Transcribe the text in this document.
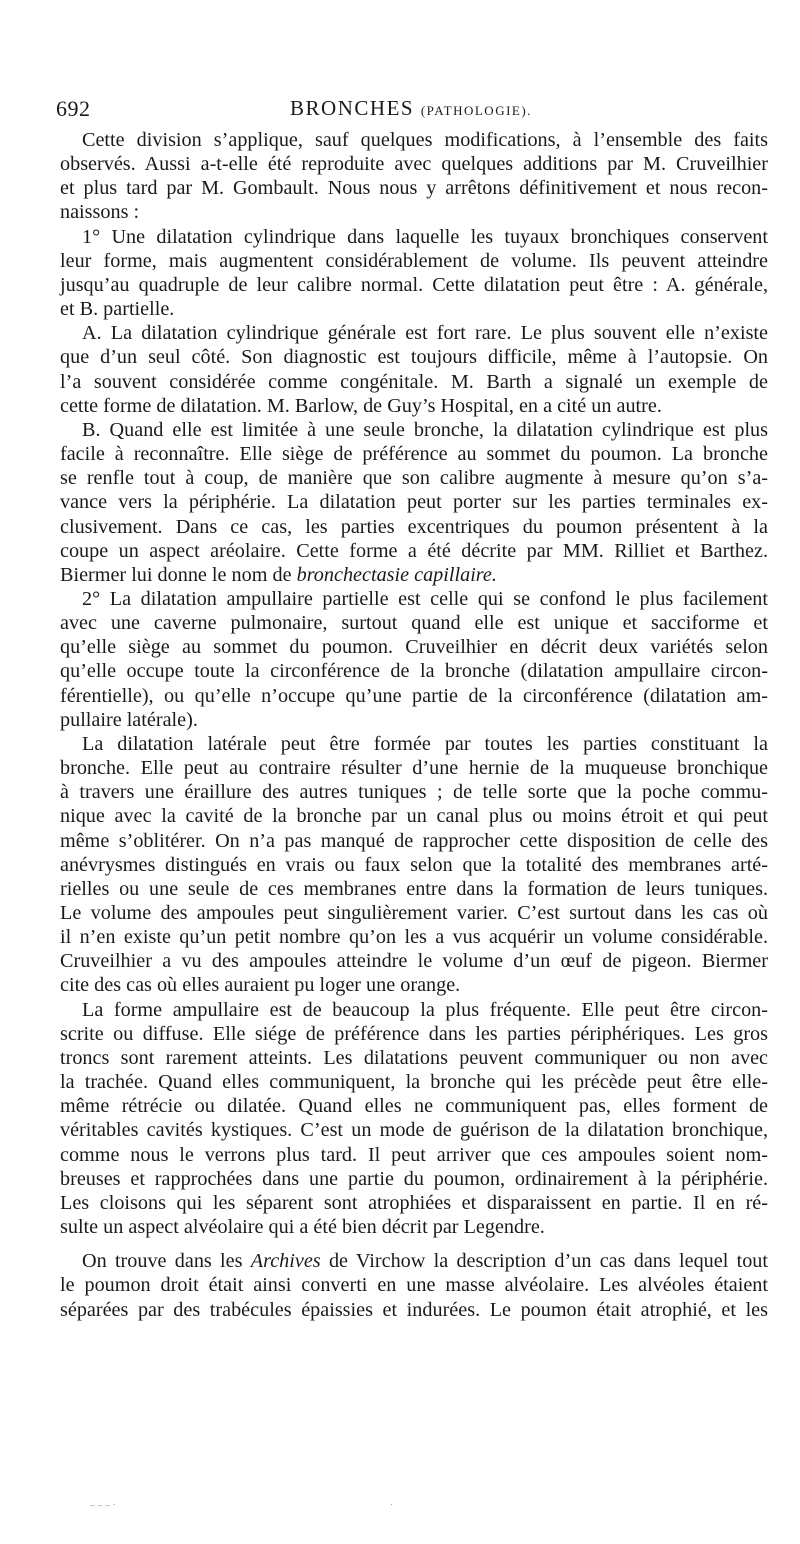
692	BRONCHES (PATHOLOGIE).

Cette division s’applique, sauf quelques modifications, à l’ensemble des faits
observés. Aussi a-t-elle été reproduite avec quelques additions par M. Cruveilhier
et plus tard par M. Gombault. Nous nous y arrêtons définitivement et nous recon-
naissons :

1° Une dilatation cylindrique dans laquelle les tuyaux bronchiques conservent
leur forme, mais augmentent considérablement de volume. Ils peuvent atteindre
jusqu’au quadruple de leur calibre normal. Cette dilatation peut être : A. générale,
et B. partielle.

A. La dilatation cylindrique générale est fort rare. Le plus souvent elle n’existe
que d’un seul côté. Son diagnostic est toujours difficile, même à l’autopsie. On
l’a souvent considérée comme congénitale. M. Barth a signalé un exemple de
cette forme de dilatation. M. Barlow, de Guy’s Hospital, en a cité un autre.

B. Quand elle est limitée à une seule bronche, la dilatation cylindrique est plus
facile à reconnaître. Elle siège de préférence au sommet du poumon. La bronche
se renfle tout à coup, de manière que son calibre augmente à mesure qu’on s’a-
vance vers la périphérie. La dilatation peut porter sur les parties terminales ex-
clusivement. Dans ce cas, les parties excentriques du poumon présentent à la
coupe un aspect aréolaire. Cette forme a été décrite par MM. Rilliet et Barthez.
Biermer lui donne le nom de bronchectasie capillaire.

2° La dilatation ampullaire partielle est celle qui se confond le plus facilement
avec une caverne pulmonaire, surtout quand elle est unique et sacciforme et
qu’elle siège au sommet du poumon. Cruveilhier en décrit deux variétés selon
qu’elle occupe toute la circonférence de la bronche (dilatation ampullaire circon-
férentielle), ou qu’elle n’occupe qu’une partie de la circonférence (dilatation am-
pullaire latérale).

La dilatation latérale peut être formée par toutes les parties constituant la
bronche. Elle peut au contraire résulter d’une hernie de la muqueuse bronchique
à travers une éraillure des autres tuniques ; de telle sorte que la poche commu-
nique avec la cavité de la bronche par un canal plus ou moins étroit et qui peut
même s’oblitérer. On n’a pas manqué de rapprocher cette disposition de celle des
anévrysmes distingués en vrais ou faux selon que la totalité des membranes arté-
rielles ou une seule de ces membranes entre dans la formation de leurs tuniques.
Le volume des ampoules peut singulièrement varier. C’est surtout dans les cas où
il n’en existe qu’un petit nombre qu’on les a vus acquérir un volume considérable.
Cruveilhier a vu des ampoules atteindre le volume d’un œuf de pigeon. Biermer
cite des cas où elles auraient pu loger une orange.

La forme ampullaire est de beaucoup la plus fréquente. Elle peut être circon-
scrite ou diffuse. Elle siége de préférence dans les parties périphériques. Les gros
troncs sont rarement atteints. Les dilatations peuvent communiquer ou non avec
la trachée. Quand elles communiquent, la bronche qui les précède peut être elle-
même rétrécie ou dilatée. Quand elles ne communiquent pas, elles forment de
véritables cavités kystiques. C’est un mode de guérison de la dilatation bronchique,
comme nous le verrons plus tard. Il peut arriver que ces ampoules soient nom-
breuses et rapprochées dans une partie du poumon, ordinairement à la périphérie.
Les cloisons qui les séparent sont atrophiées et disparaissent en partie. Il en ré-
sulte un aspect alvéolaire qui a été bien décrit par Legendre.

On trouve dans les Archives de Virchow la description d’un cas dans lequel tout
le poumon droit était ainsi converti en une masse alvéolaire. Les alvéoles étaient
séparées par des trabécules épaissies et indurées. Le poumon était atrophié, et les

– – – ·	·
